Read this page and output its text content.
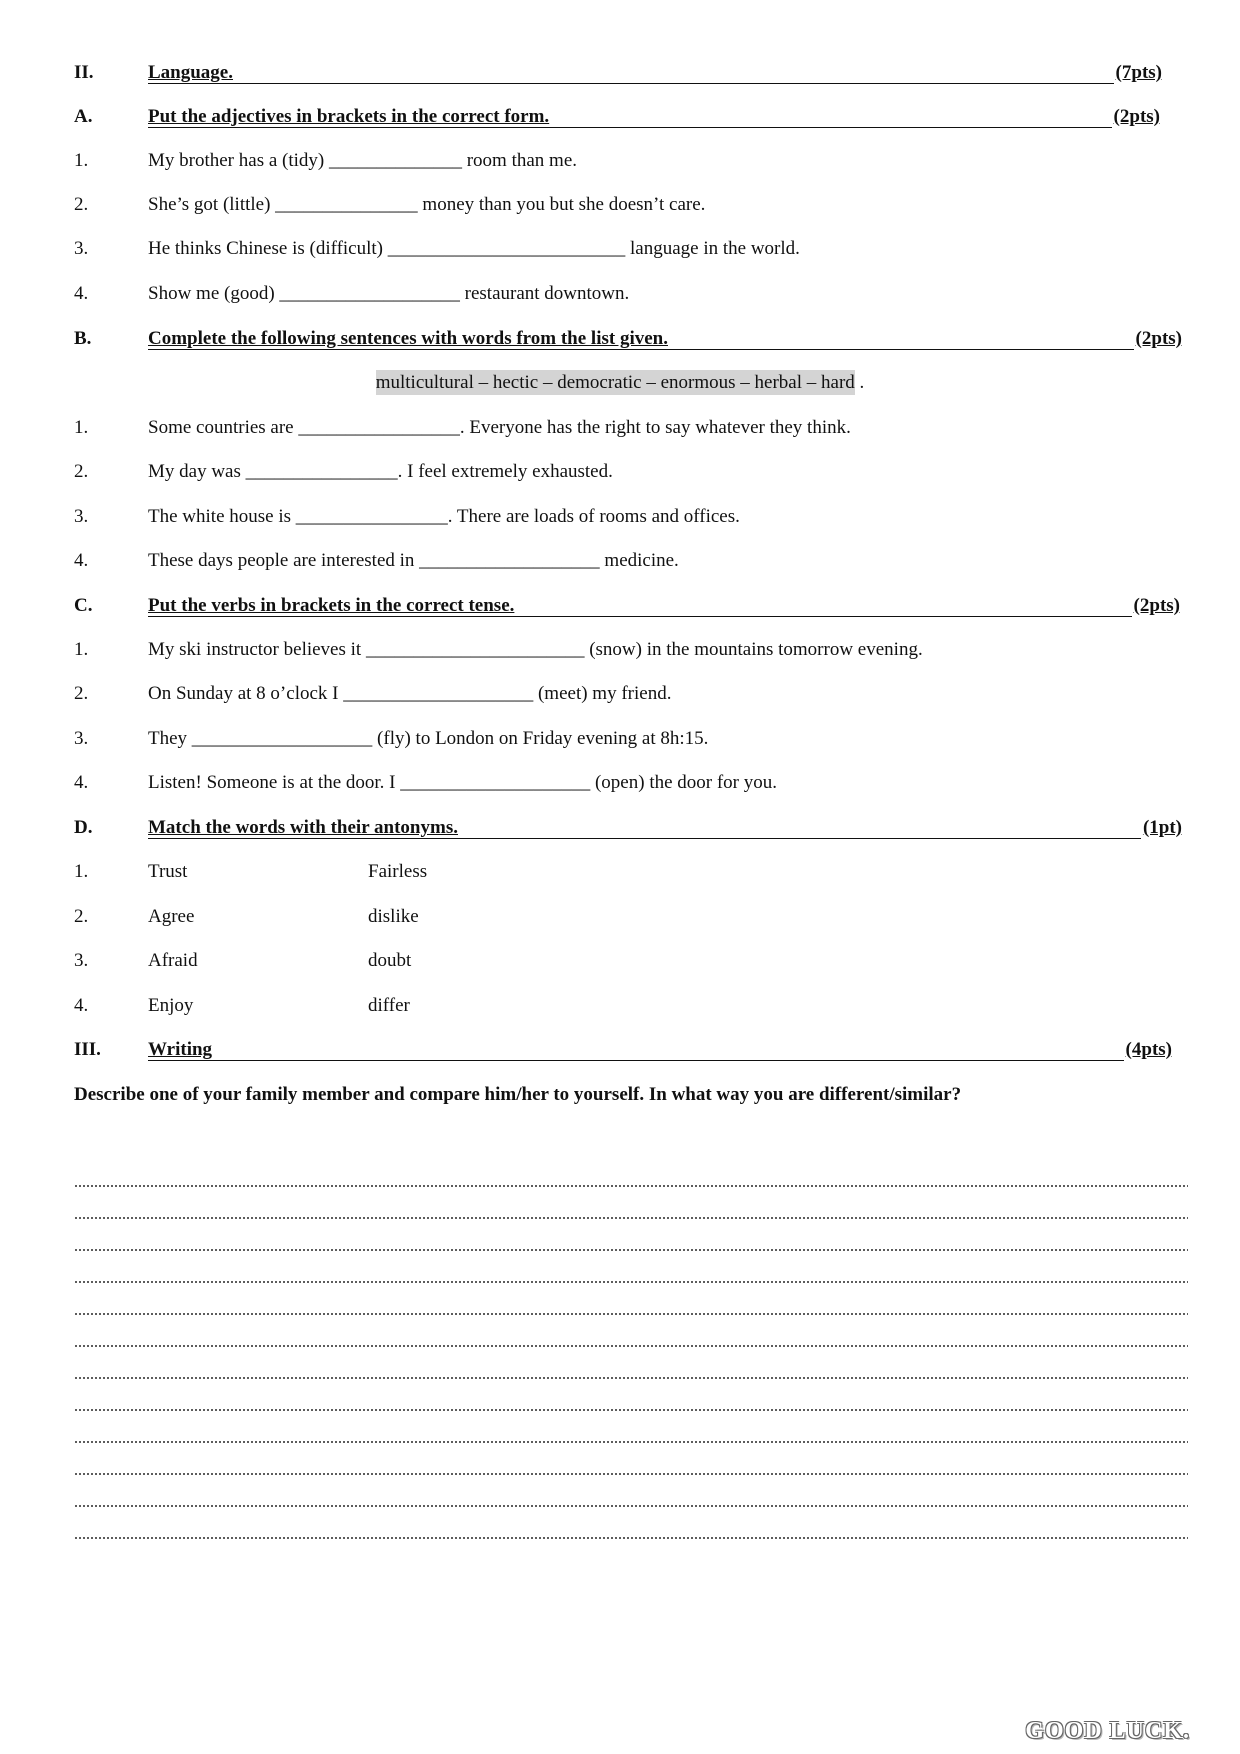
II.	Language.	(7pts)
A.	Put the adjectives in brackets in the correct form.	(2pts)
1.	My brother has a (tidy) ______________ room than me.
2.	She’s got (little) _______________ money than you but she doesn’t care.
3.	He thinks Chinese is (difficult) _________________________ language in the world.
4.	Show me (good) ___________________ restaurant downtown.
B.	Complete the following sentences with words from the list given.	(2pts)
multicultural – hectic – democratic – enormous – herbal – hard .
1.	Some countries are _________________. Everyone has the right to say whatever they think.
2.	My day was ________________. I feel extremely exhausted.
3.	The white house is ________________. There are loads of rooms and offices.
4.	These days people are interested in ___________________ medicine.
C.	Put the verbs in brackets in the correct tense.	(2pts)
1.	My ski instructor believes it _______________________ (snow) in the mountains tomorrow evening.
2.	On Sunday at 8 o’clock I ____________________ (meet) my friend.
3.	They ___________________ (fly) to London on Friday evening at 8h:15.
4.	Listen! Someone is at the door. I ____________________ (open) the door for you.
D.	Match the words with their antonyms.	(1pt)
1.	Trust	Fairless
2.	Agree	dislike
3.	Afraid	doubt
4.	Enjoy	differ
III. Writing	(4pts)
Describe one of your family member and compare him/her to yourself. In what way you are different/similar?
GOOD LUCK.
